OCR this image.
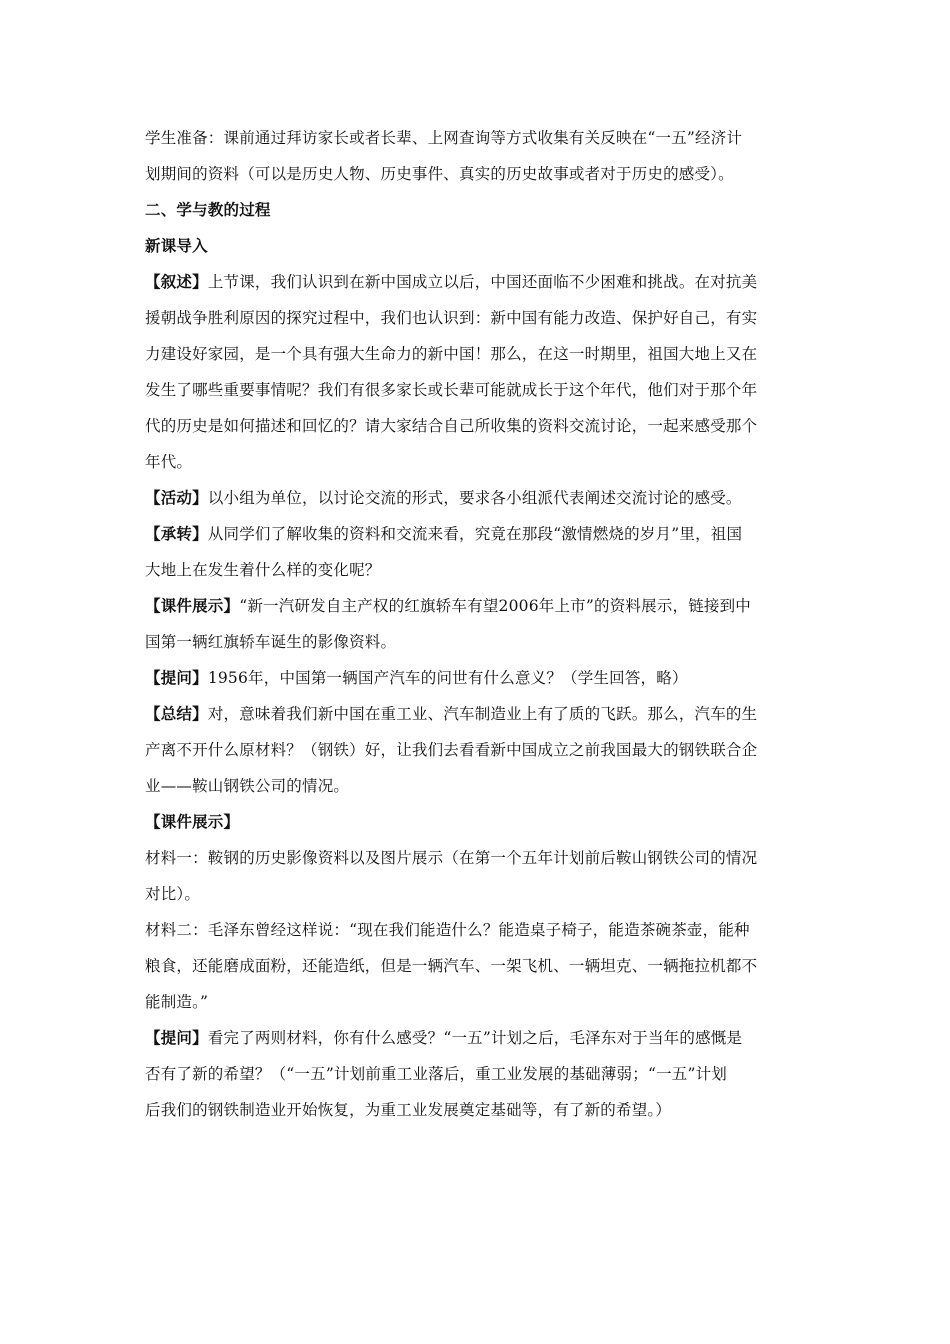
学生准备：课前通过拜访家长或者长辈、上网查询等方式收集有关反映在“一五”经济计
划期间的资料（可以是历史人物、历史事件、真实的历史故事或者对于历史的感受）。
二、学与教的过程
新课导入
【叙述】上节课，我们认识到在新中国成立以后，中国还面临不少困难和挑战。在对抗美
援朝战争胜利原因的探究过程中，我们也认识到：新中国有能力改造、保护好自己，有实
力建设好家园，是一个具有强大生命力的新中国！那么，在这一时期里，祖国大地上又在
发生了哪些重要事情呢？我们有很多家长或长辈可能就成长于这个年代，他们对于那个年
代的历史是如何描述和回忆的？请大家结合自己所收集的资料交流讨论，一起来感受那个
年代。
【活动】以小组为单位，以讨论交流的形式，要求各小组派代表阐述交流讨论的感受。
【承转】从同学们了解收集的资料和交流来看，究竟在那段“激情燃烧的岁月”里，祖国
大地上在发生着什么样的变化呢？
【课件展示】“新一汽研发自主产权的红旗轿车有望2006年上市”的资料展示，链接到中
国第一辆红旗轿车诞生的影像资料。
【提问】1956年，中国第一辆国产汽车的问世有什么意义？（学生回答，略）
【总结】对，意味着我们新中国在重工业、汽车制造业上有了质的飞跃。那么，汽车的生
产离不开什么原材料？（钢铁）好，让我们去看看新中国成立之前我国最大的钢铁联合企
业——鞍山钢铁公司的情况。
【课件展示】
材料一：鞍钢的历史影像资料以及图片展示（在第一个五年计划前后鞍山钢铁公司的情况
对比）。
材料二：毛泽东曾经这样说：“现在我们能造什么？能造桌子椅子，能造茶碗茶壶，能种
粮食，还能磨成面粉，还能造纸，但是一辆汽车、一架飞机、一辆坦克、一辆拖拉机都不
能制造。”
【提问】看完了两则材料，你有什么感受？“一五”计划之后，毛泽东对于当年的感慨是
否有了新的希望？（“一五”计划前重工业落后，重工业发展的基础薄弱；“一五”计划
后我们的钢铁制造业开始恢复，为重工业发展奠定基础等，有了新的希望。）
